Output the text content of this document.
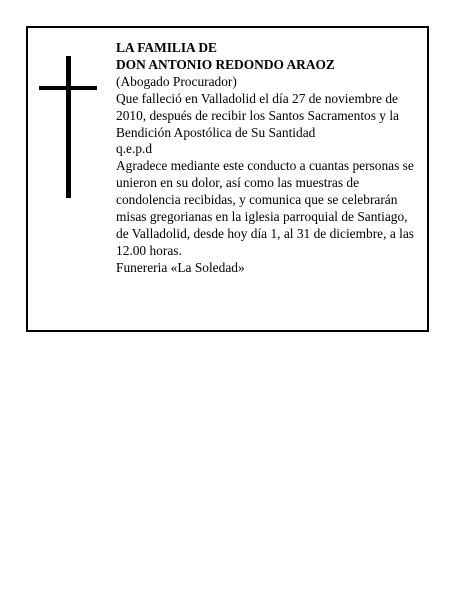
LA FAMILIA DE

DON ANTONIO REDONDO ARAOZ

(Abogado Procurador)

Que falleció en Valladolid el día 27 de noviembre de 2010, después de recibir los Santos Sacramentos y la Bendición Apostólica de Su Santidad

q.e.p.d

Agradece mediante este conducto a cuantas personas se unieron en su dolor, así como las muestras de condolencia recibidas, y comunica que se celebrarán misas gregorianas en la iglesia parroquial de Santiago, de Valladolid, desde hoy día 1, al 31 de diciembre, a las 12.00 horas.

Funereria «La Soledad»
